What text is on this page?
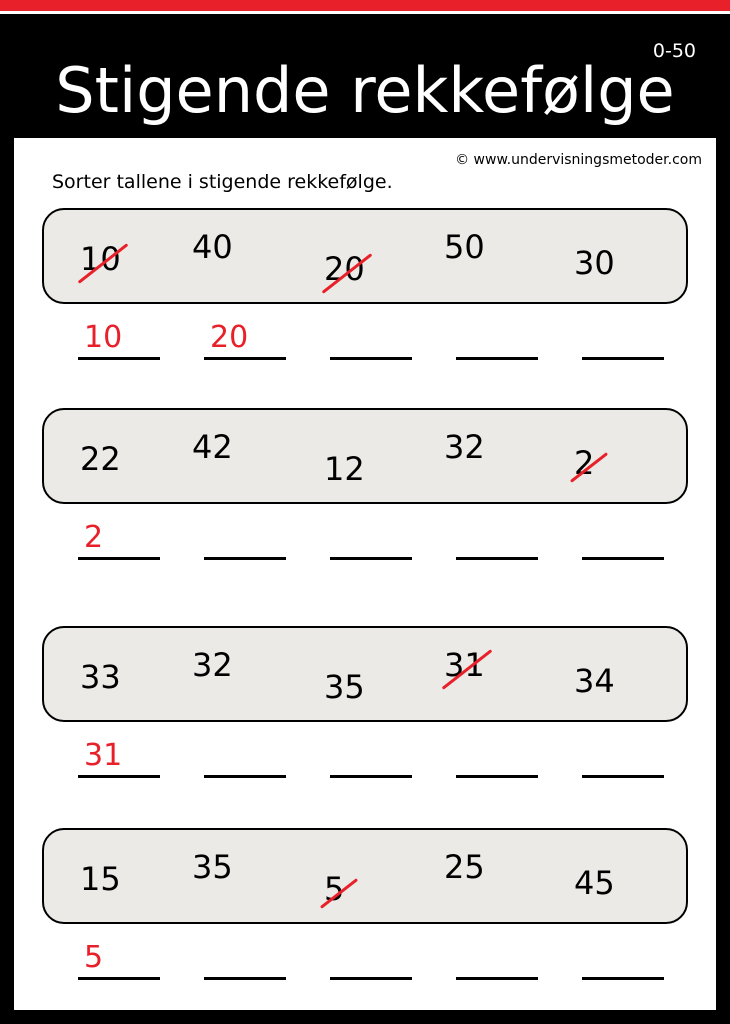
0-50
Stigende rekkefølge
© www.undervisningsmetoder.com
Sorter tallene i stigende rekkefølge.
10 40
20
50	30
10	20
22 42
12
32	2
2
33 32
35
31	34
31
15 35
5
25	45
5
